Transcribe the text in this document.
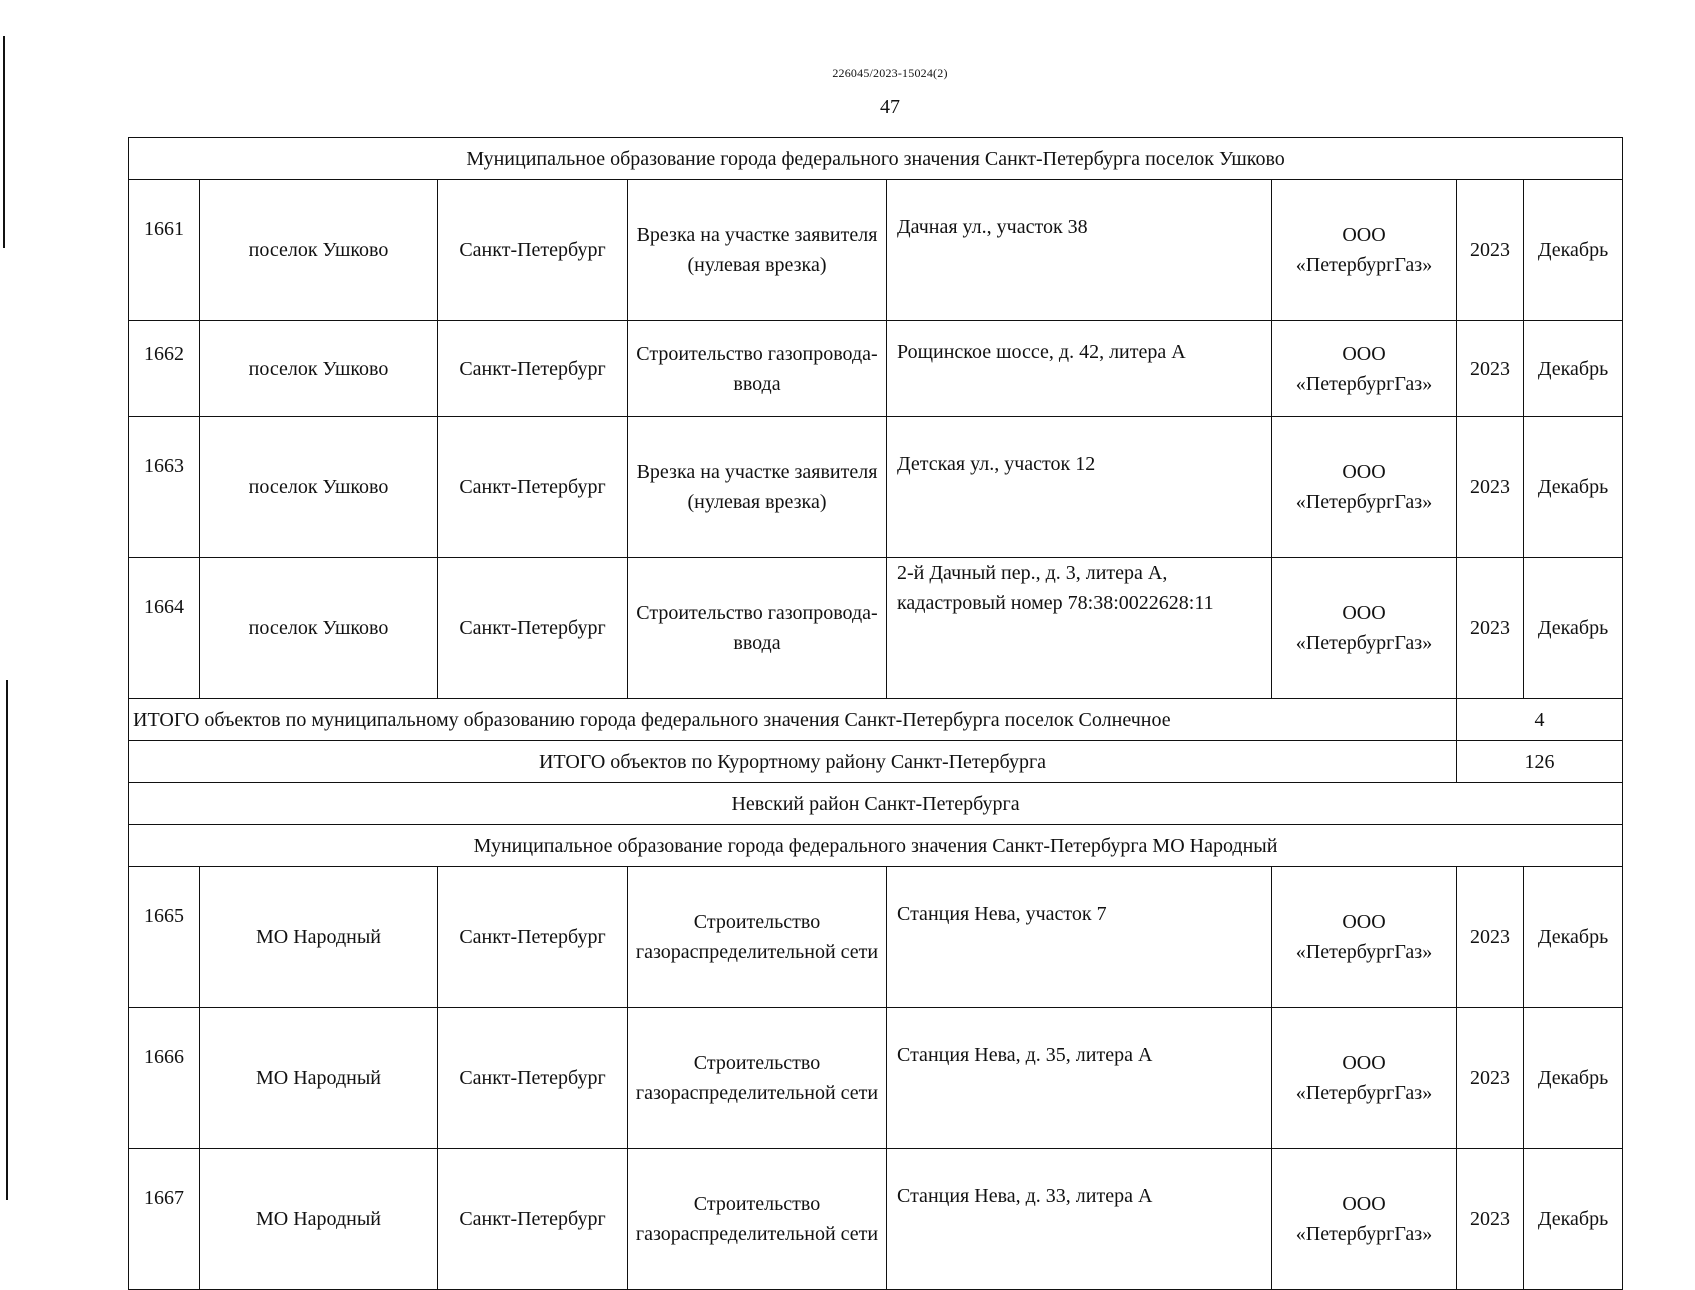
226045/2023-15024(2)
47
Муниципальное образование города федерального значения Санкт-Петербурга поселок Ушково							
1661	поселок Ушково	Санкт-Петербург	Врезка на участке заявителя (нулевая врезка)	Дачная ул., участок 38	ООО «ПетербургГаз»	2023	Декабрь
1662	поселок Ушково	Санкт-Петербург	Строительство газопровода-ввода	Рощинское шоссе, д. 42, литера А	ООО «ПетербургГаз»	2023	Декабрь
1663	поселок Ушково	Санкт-Петербург	Врезка на участке заявителя (нулевая врезка)	Детская ул., участок 12	ООО «ПетербургГаз»	2023	Декабрь
1664	поселок Ушково	Санкт-Петербург	Строительство газопровода-ввода	2-й Дачный пер., д. 3, литера А, кадастровый номер 78:38:0022628:11	ООО «ПетербургГаз»	2023	Декабрь
ИТОГО объектов по муниципальному образованию города федерального значения Санкт-Петербурга поселок Солнечное						4	
ИТОГО объектов по Курортному району Санкт-Петербурга						126	
Невский район Санкт-Петербурга							
Муниципальное образование города федерального значения Санкт-Петербурга МО Народный							
1665	МО Народный	Санкт-Петербург	Строительство газораспределительной сети	Станция Нева, участок 7	ООО «ПетербургГаз»	2023	Декабрь
1666	МО Народный	Санкт-Петербург	Строительство газораспределительной сети	Станция Нева, д. 35, литера А	ООО «ПетербургГаз»	2023	Декабрь
1667	МО Народный	Санкт-Петербург	Строительство газораспределительной сети	Станция Нева, д. 33, литера А	ООО «ПетербургГаз»	2023	Декабрь
